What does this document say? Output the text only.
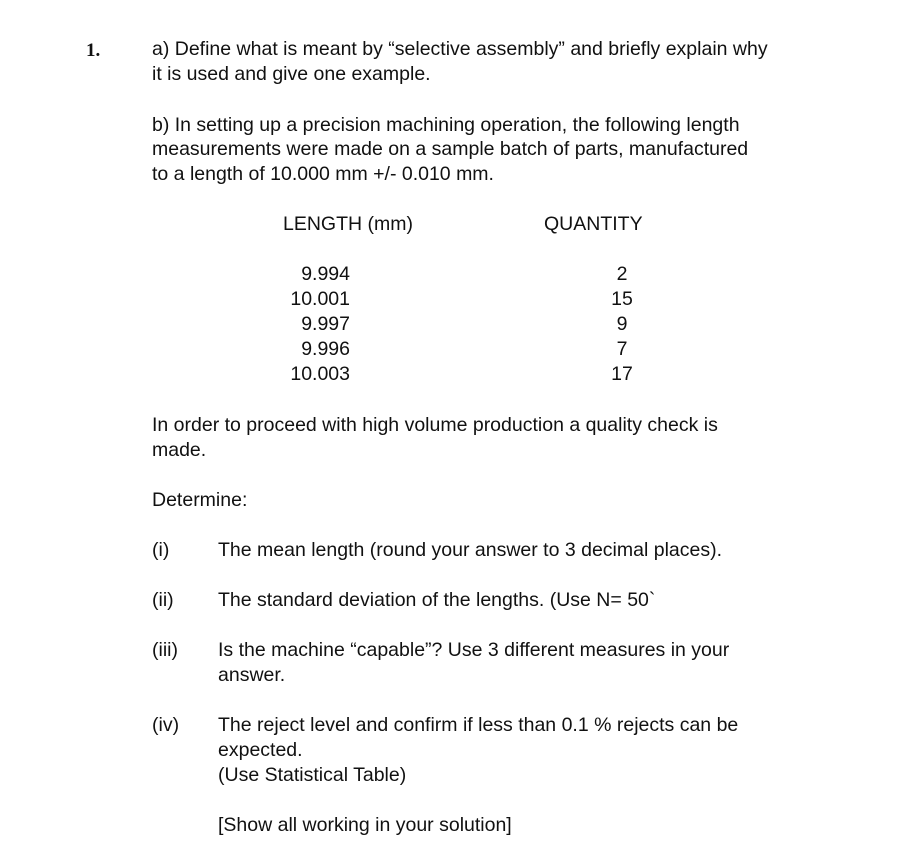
1.	a) Define what is meant by “selective assembly” and briefly explain why
it is used and give one example.
b) In setting up a precision machining operation, the following length
measurements were made on a sample batch of parts, manufactured
to a length of 10.000 mm +/- 0.010 mm.
LENGTH (mm)	QUANTITY
9.994	2
10.001	15
9.997	9
9.996	7
10.003	17
In order to proceed with high volume production a quality check is
made.
Determine:
(i) The mean length (round your answer to 3 decimal places).
(ii) The standard deviation of the lengths. (Use N= 50`
(iii) Is the machine “capable”? Use 3 different measures in your
answer.
(iv) The reject level and confirm if less than 0.1 % rejects can be
expected.
(Use Statistical Table)
[Show all working in your solution]
